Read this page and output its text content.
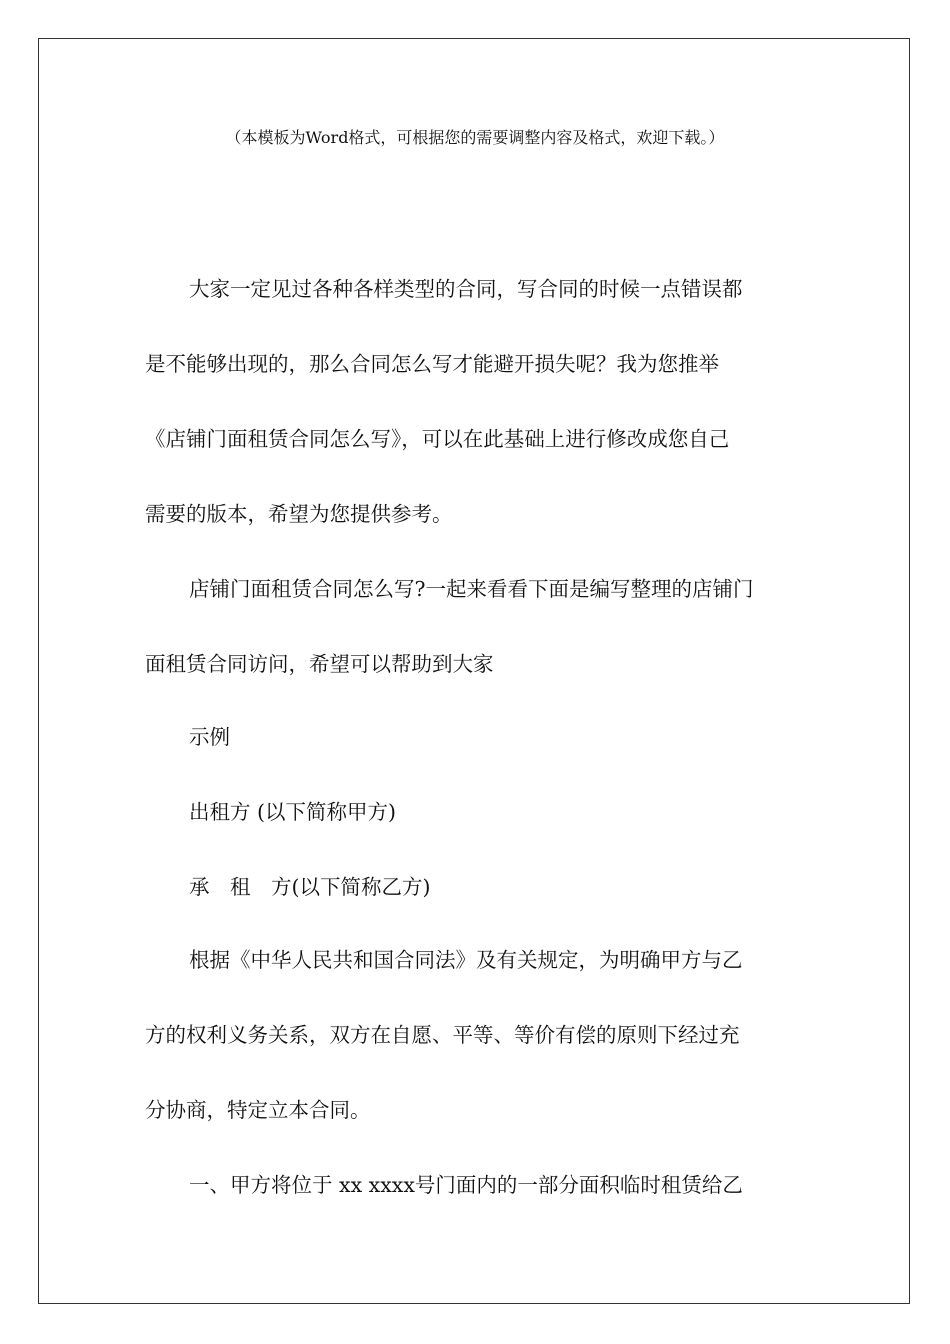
（本模板为Word格式，可根据您的需要调整内容及格式，欢迎下载。）
大家一定见过各种各样类型的合同，写合同的时候一点错误都
是不能够出现的，那么合同怎么写才能避开损失呢？我为您推举
《店铺门面租赁合同怎么写》，可以在此基础上进行修改成您自己
需要的版本，希望为您提供参考。
店铺门面租赁合同怎么写?一起来看看下面是编写整理的店铺门
面租赁合同访问，希望可以帮助到大家
示例
出租方 (以下简称甲方)
承　租　方(以下简称乙方)
根据《中华人民共和国合同法》及有关规定，为明确甲方与乙
方的权利义务关系，双方在自愿、平等、等价有偿的原则下经过充
分协商，特定立本合同。
一、甲方将位于 xx xxxx号门面内的一部分面积临时租赁给乙
